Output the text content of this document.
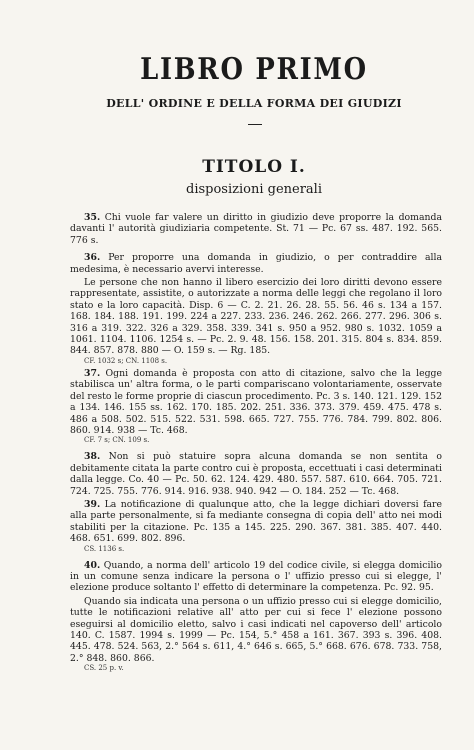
LIBRO PRIMO
DELL' ORDINE E DELLA FORMA DEI GIUDIZI
TITOLO I.
disposizioni generali

35. Chi vuole far valere un diritto in giudizio deve proporre la domanda davanti l' autorità giudiziaria competente. St. 71 — Pc. 67 ss. 487. 192. 565. 776 s.

36. Per proporre una domanda in giudizio, o per contraddire alla medesima, è necessario avervi interesse.

Le persone che non hanno il libero esercizio dei loro diritti devono essere rappresentate, assistite, o autorizzate a norma delle leggi che regolano il loro stato e la loro capacità. Disp. 6 — C. 2. 21. 26. 28. 55. 56. 46 s. 134 a 157. 168. 184. 188. 191. 199. 224 a 227. 233. 236. 246. 262. 266. 277. 296. 306 s. 316 a 319. 322. 326 a 329. 358. 339. 341 s. 950 a 952. 980 s. 1032. 1059 a 1061. 1104. 1106. 1254 s. — Pc. 2. 9. 48. 156. 158. 201. 315. 804 s. 834. 859. 844. 857. 878. 880 — O. 159 s. — Rg. 185.

CF. 1032 s; CN. 1108 s.

37. Ogni domanda è proposta con atto di citazione, salvo che la legge stabilisca un' altra forma, o le parti compariscano volontariamente, osservate del resto le forme proprie di ciascun procedimento. Pc. 3 s. 140. 121. 129. 152 a 134. 146. 155 ss. 162. 170. 185. 202. 251. 336. 373. 379. 459. 475. 478 s. 486 a 508. 502. 515. 522. 531. 598. 665. 727. 755. 776. 784. 799. 802. 806. 860. 914. 938 — Tc. 468.

CF. 7 s; CN. 109 s.

38. Non si può statuire sopra alcuna domanda se non sentita o debitamente citata la parte contro cui è proposta, eccettuati i casi determinati dalla legge. Co. 40 — Pc. 50. 62. 124. 429. 480. 557. 587. 610. 664. 705. 721. 724. 725. 755. 776. 914. 916. 938. 940. 942 — O. 184. 252 — Tc. 468.

39. La notificazione di qualunque atto, che la legge dichiari doversi fare alla parte personalmente, si fa mediante consegna di copia dell' atto nei modi stabiliti per la citazione. Pc. 135 a 145. 225. 290. 367. 381. 385. 407. 440. 468. 651. 699. 802. 896.

CS. 1136 s.

40. Quando, a norma dell' articolo 19 del codice civile, si elegga domicilio in un comune senza indicare la persona o l' uffizio presso cui si elegge, l' elezione produce soltanto l' effetto di determinare la competenza. Pc. 92. 95.

Quando sia indicata una persona o un uffizio presso cui si elegge domicilio, tutte le notificazioni relative all' atto per cui si fece l' elezione possono eseguirsi al domicilio eletto, salvo i casi indicati nel capoverso dell' articolo 140. C. 1587. 1994 s. 1999 — Pc. 154, 5.° 458 a 161. 367. 393 s. 396. 408. 445. 478. 524. 563, 2.° 564 s. 611, 4.° 646 s. 665, 5.° 668. 676. 678. 733. 758, 2.° 848. 860. 866.

CS. 25 p. v.
